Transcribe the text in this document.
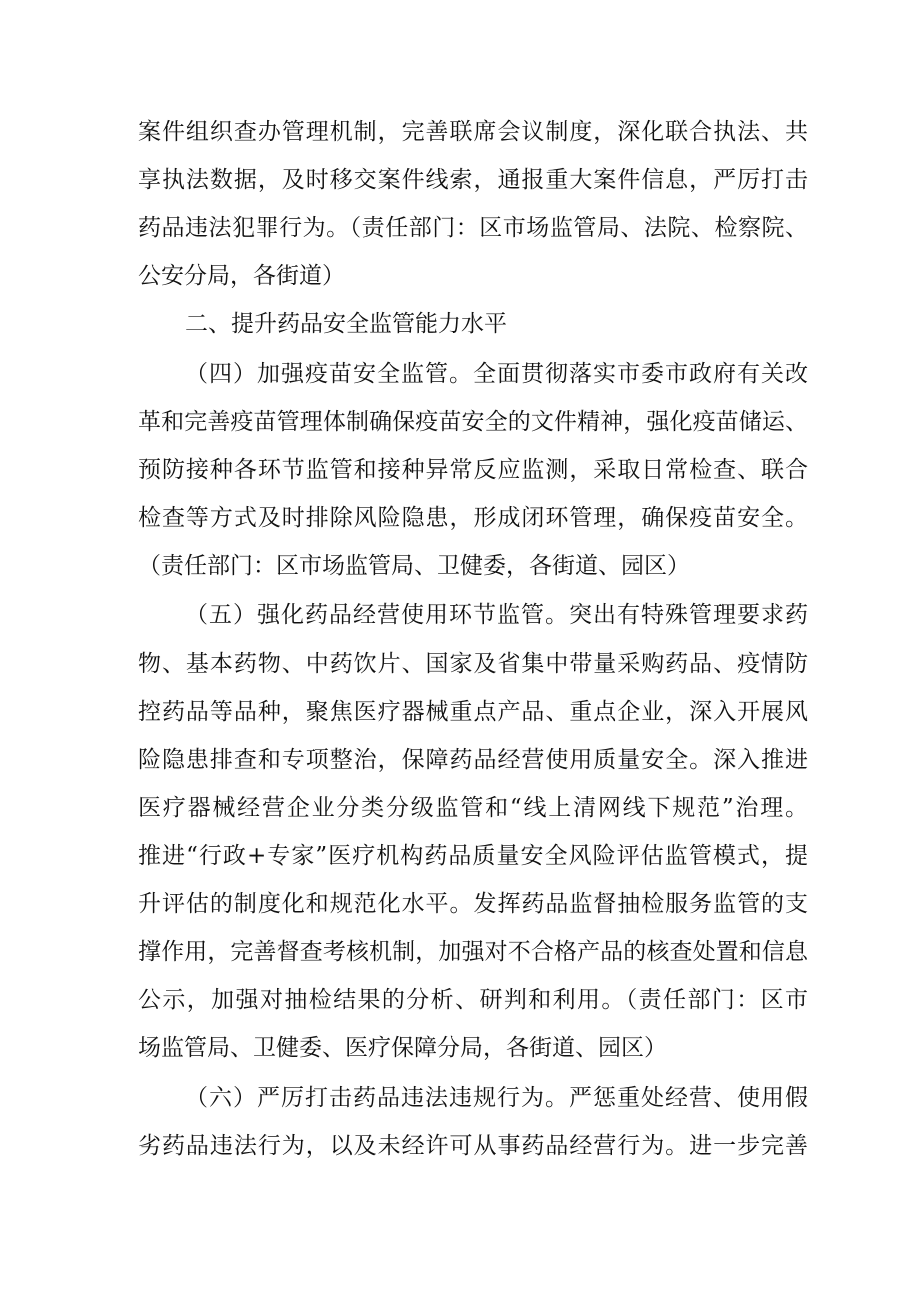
案件组织查办管理机制，完善联席会议制度，深化联合执法、共
享执法数据，及时移交案件线索，通报重大案件信息，严厉打击
药品违法犯罪行为。（责任部门：区市场监管局、法院、检察院、
公安分局，各街道）
二、提升药品安全监管能力水平
（四）加强疫苗安全监管。全面贯彻落实市委市政府有关改
革和完善疫苗管理体制确保疫苗安全的文件精神，强化疫苗储运、
预防接种各环节监管和接种异常反应监测，采取日常检查、联合
检查等方式及时排除风险隐患，形成闭环管理，确保疫苗安全。
（责任部门：区市场监管局、卫健委，各街道、园区）
（五）强化药品经营使用环节监管。突出有特殊管理要求药
物、基本药物、中药饮片、国家及省集中带量采购药品、疫情防
控药品等品种，聚焦医疗器械重点产品、重点企业，深入开展风
险隐患排查和专项整治，保障药品经营使用质量安全。深入推进
医疗器械经营企业分类分级监管和“线上清网线下规范”治理。
推进“行政+专家”医疗机构药品质量安全风险评估监管模式，提
升评估的制度化和规范化水平。发挥药品监督抽检服务监管的支
撑作用，完善督查考核机制，加强对不合格产品的核查处置和信息
公示，加强对抽检结果的分析、研判和利用。（责任部门：区市
场监管局、卫健委、医疗保障分局，各街道、园区）
（六）严厉打击药品违法违规行为。严惩重处经营、使用假
劣药品违法行为，以及未经许可从事药品经营行为。进一步完善
